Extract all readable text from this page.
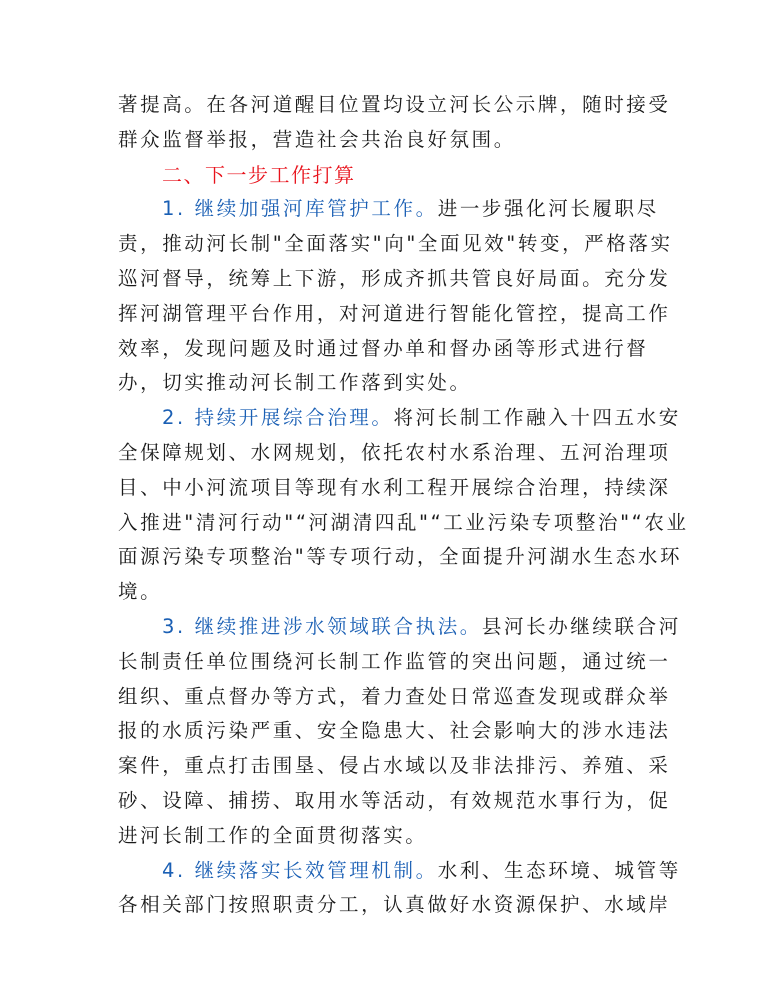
著提高。在各河道醒目位置均设立河长公示牌，随时接受
群众监督举报，营造社会共治良好氛围。
二、下一步工作打算
1. 继续加强河库管护工作。进一步强化河长履职尽
责，推动河长制"全面落实"向"全面见效"转变，严格落实
巡河督导，统筹上下游，形成齐抓共管良好局面。充分发
挥河湖管理平台作用，对河道进行智能化管控，提高工作
效率，发现问题及时通过督办单和督办函等形式进行督
办，切实推动河长制工作落到实处。
2. 持续开展综合治理。将河长制工作融入十四五水安
全保障规划、水网规划，依托农村水系治理、五河治理项
目、中小河流项目等现有水利工程开展综合治理，持续深
入推进"清河行动"“河湖清四乱"“工业污染专项整治"“农业
面源污染专项整治"等专项行动，全面提升河湖水生态水环
境。
3. 继续推进涉水领域联合执法。县河长办继续联合河
长制责任单位围绕河长制工作监管的突出问题，通过统一
组织、重点督办等方式，着力查处日常巡查发现或群众举
报的水质污染严重、安全隐患大、社会影响大的涉水违法
案件，重点打击围垦、侵占水域以及非法排污、养殖、采
砂、设障、捕捞、取用水等活动，有效规范水事行为，促
进河长制工作的全面贯彻落实。
4. 继续落实长效管理机制。水利、生态环境、城管等
各相关部门按照职责分工，认真做好水资源保护、水域岸
